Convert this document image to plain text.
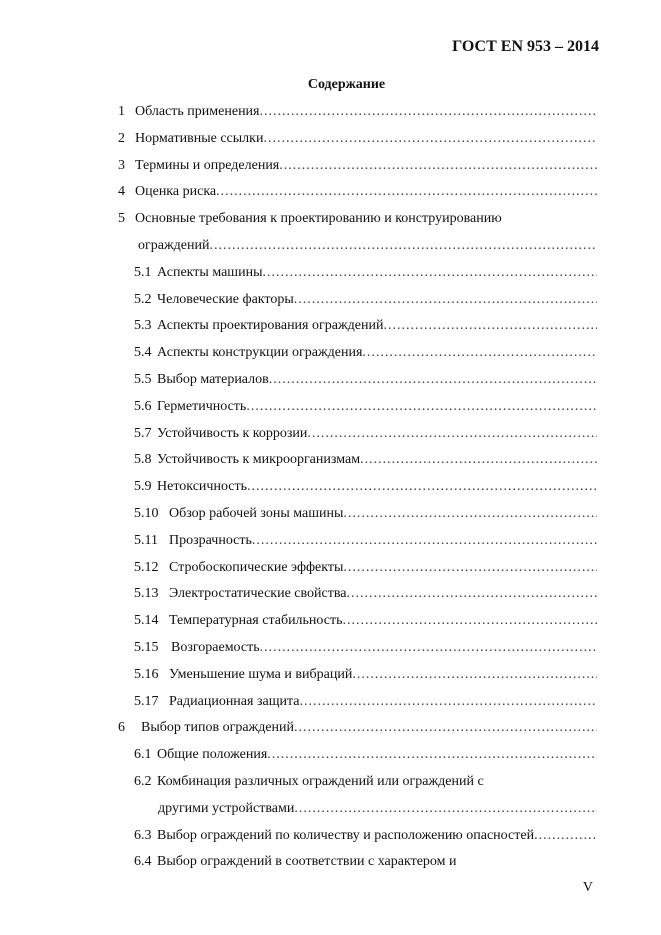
ГОСТ EN 953 – 2014
Содержание
1 Область применения
.....
2 Нормативные ссылки
.....
3 Термины и определения
.....
4 Оценка риска
.....
5 Основные требования к проектированию и конструированию
ограждений
.....
5.1 Аспекты машины
.....
5.2 Человеческие факторы
.....
5.3 Аспекты проектирования ограждений
.....
5.4 Аспекты конструкции ограждения
.....
5.5 Выбор материалов
.....
5.6 Герметичность
.....
5.7 Устойчивость к коррозии
.....
5.8 Устойчивость к микроорганизмам
.....
5.9 Нетоксичность
.....
5.10 Обзор рабочей зоны машины
.....
5.11 Прозрачность
.....
5.12 Стробоскопические эффекты
.....
5.13 Электростатические свойства
.....
5.14 Температурная стабильность
.....
5.15 Возгораемость
.....
5.16 Уменьшение шума и вибраций
.....
5.17 Радиационная защита
.....
6	Выбор типов ограждений
.....
6.1 Общие положения
.....
6.2 Комбинация различных ограждений или ограждений с
другими устройствами
.....
6.3 Выбор ограждений по количеству и расположению опасностей
.....
6.4 Выбор ограждений в соответствии с характером и
V
